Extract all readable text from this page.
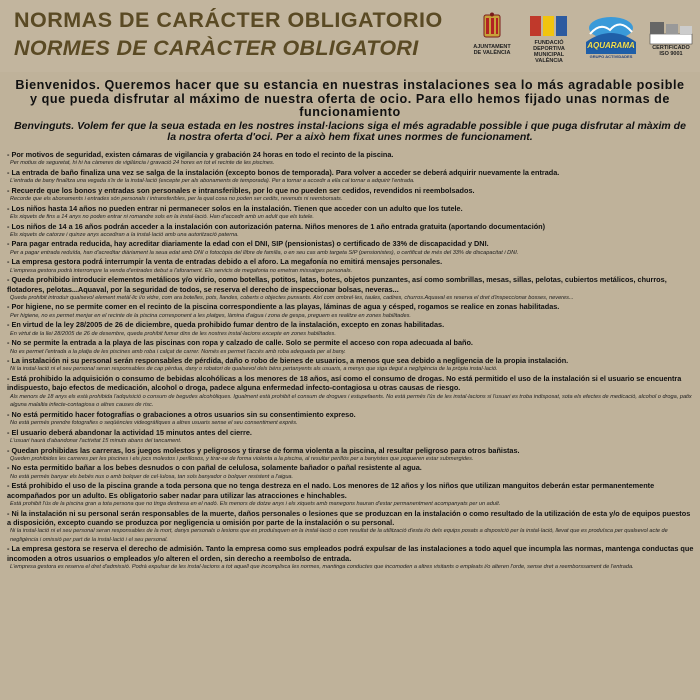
NORMAS DE CARÁCTER OBLIGATORIO
NORMES DE CARÀCTER OBLIGATORI	AJUNTAMENT
DE VALÈNCIA
FUNDACIÓ
DEPORTIVA
MUNICIPAL
VALÈNCIA
AQUARAMA
GRUPO ACTIVIDADES
CERTIFICADO
ISO 9001
Bienvenidos. Queremos hacer que su estancia en nuestras instalaciones sea lo más agradable posible y que pueda disfrutar al máximo de nuestra oferta de ocio. Para ello hemos fijado unas normas de funcionamiento
Benvinguts. Volem fer que la seua estada en les nostres instal·lacions siga el més agradable possible i que puga disfrutar al màxim de la nostra oferta d'oci. Per a això hem fixat unes normes de funcionament.
- Por motivos de seguridad, existen cámaras de vigilancia y grabación 24 horas en todo el recinto de la piscina.
Per motius de seguretat, hi hi ha càmeres de vigilància i gravació 24 hores en tot el recinte de les piscines.
- La entrada de baño finaliza una vez se salga de la instalación (excepto bonos de temporada). Para volver a acceder se deberá adquirir nuevamente la entrada.
L'entrada de bany finalitza una vegada s'ix de la instal·lació (excepte per als abonaments de temporada). Per a tornar a accedir a ella cal tornar a adquirir l'entrada.
- Recuerde que los bonos y entradas son personales e intransferibles, por lo que no pueden ser cedidos, revendidos ni reembolsados.
Recorde que els abonaments i entrades són personals i intransferibles, per la qual cosa no poden ser cedits, revenuts ni reemborsats.
- Los niños hasta 14 años no pueden entrar ni permanecer solos en la instalación. Tienen que acceder con un adulto que los tutele.
Els xiquets de fins a 14 anys no poden entrar ni romandre sols en la instal·lació. Han d'accedir amb un adult que els tutele.
- Los niños de 14 a 16 años podrán acceder a la instalación con autorización paterna. Niños menores de 1 año entrada gratuita (aportando documentación)
Els xiquets de catorze i quinze anys accediran a la instal·lació amb una autorització paterna.
- Para pagar entrada reducida, hay acreditar diariamente la edad con el DNI, SIP (pensionistas) o certificado de 33% de discapacidad y DNI.
Per a pagar entrada reduïda, han d'acreditar diàriament la seua edat amb DNI o fotocòpia del llibre de família, o en seu cas amb targeta SIP (pensionistes), o certificat de més del 33% de discapacitat i DNI.
- La empresa gestora podrá interrumpir la venta de entradas debido a el aforo. La megafonía no emitirá mensajes personales.
L'empresa gestora podrà interrompre la venda d'entrades debut a l'aforament. Els servicis de megafonia no emetran missatges personals.
- Queda prohibido introducir elementos metálicos y/o vidrio, como botellas, potitos, latas, botes, objetos punzantes, así como sombrillas, mesas, sillas, pelotas, cubiertos metálicos, churros, flotadores, pelotas...Aquaval, por la seguridad de todos, se reserva el derecho de inspeccionar bolsas, neveras...
Queda prohibit introduir qualsevol element metàl·lic i/o vidre, com ara botelles, pots, llandes, coberts o objectes punxants. Així com ombrel·les, taules, cadires, churros.Aquaval es reserva el dret d'inspeccionar bosses, neveres...
- Por higiene, no se permite comer en el recinto de la piscina correspondiente a las playas, láminas de agua y césped, rogamos se realice en zonas habilitadas.
Per higiene, no es permet menjar en el recinte de la piscina corresponent a les platges, làmina d'aigua i zona de gespa, preguem es realitze en zones habilitades.
- En virtud de la ley 28/2005 de 26 de diciembre, queda prohibido fumar dentro de la instalación, excepto en zonas habilitadas.
En virtut de la llei 28/2005 de 26 de desembre, queda prohibit fumar dins de les nostres instal·lacions excepte en zones habilitades.
- No se permite la entrada a la playa de las piscinas con ropa y calzado de calle. Solo se permite el acceso con ropa adecuada al baño.
No es permet l'entrada a la platja de les piscines amb roba i calçat de carrer. Només es permet l'accés amb roba adequada per al bany.
- La instalación ni su personal serán responsables de pérdida, daño o robo de bienes de usuarios, a menos que sea debido a negligencia de la propia instalación.
Ni la instal·lació ni el seu personal seran responsables de cap pèrdua, dany o robatori de qualsevol dels béns pertanyents als usuaris, a menys que siga degut a negligència de la pròpia instal·lació.
- Está prohibido la adquisición o consumo de bebidas alcohólicas a los menores de 18 años, así como el consumo de drogas. No está permitido el uso de la instalación si el usuario se encuentra indispuesto, bajo efectos de medicación, alcohol o droga, padece alguna enfermedad infecto-contagiosa u otras causas de riesgo.
Als menors de 18 anys els està prohibida l'adquisició o consum de begudes alcohòliques. Igualment està prohibit el consum de drogues i estupefaents. No està permés l'ús de les instal·lacions si l'usuari es troba indisposat, sota els efectes de medicació, alcohol o droga, patix alguna malaltia infecte-contagiosa o altres causes de risc.
- No está permitido hacer fotografías o grabaciones a otros usuarios sin su consentimiento expreso.
No està permés prendre fotografies o seqüències videogràfiques a altres usuaris sense el seu consentiment exprés.
- El usuario deberá abandonar la actividad 15 minutos antes del cierre.
L'usuari haurà d'abandonar l'activitat 15 minuts abans del tancament.
- Quedan prohibidas las carreras, los juegos molestos y peligrosos y tirarse de forma violenta a la piscina, al resultar peligroso para otros bañistas.
Queden prohibides les carreres per les piscines i els jocs molestos i perillosos, y tirar-se de forma violenta a la piscina, al resultar perillós per a banyistes que pogueren estar submergides.
- No esta permitido bañar a los bebes desnudos o con pañal de celulosa, solamente bañador o pañal resistente al agua.
No està permés banyar els bebés nus o amb bolquer de cel·lulosa, tan sols banyador o bolquer resistent a l'aigua.
- Está prohibido el uso de la piscina grande a toda persona que no tenga destreza en el nado. Los menores de 12 años y los niños que utilizan manguitos deberán estar permanentemente acompañados por un adulto. Es obligatorio saber nadar para utilizar las atracciones e hinchables.
Està prohibit l'ús de la piscina gran a tota persona que no tinga destresa en el nadó. Els menors de dotze anys i els xiquets amb manegons hauran d'estar permanentment acompanyats per un adult.
- Ni la instalación ni su personal serán responsables de la muerte, daños personales o lesiones que se produzcan en la instalación o como resultado de la utilización de esta y/o de equipos puestos a disposición, excepto cuando se produzca por negligencia u omisión por parte de la instalación o su personal.
Ni la instal·lació ni el seu personal seran responsables de la mort, danys personals o lesions que es produïsquen en la instal·lació o com resultat de la utilització d'esta i/o dels equips posats a disposició per la instal·lació, llevat que es produïsca per qualsevol acte de negligència i omissió per part de la instal·lació i el seu personal.
- La empresa gestora se reserva el derecho de admisión. Tanto la empresa como sus empleados podrá expulsar de las instalaciones a todo aquel que incumpla las normas, mantenga conductas que incomoden a otros usuarios o empleados y/o alteren el orden, sin derecho a reembolso de entrada.
L'empresa gestora es reserva el dret d'admissió. Podrà expulsar de les instal·lacions a tot aquell que incomplixca les normes, mantinga conductes que incomoden a altres visitants o empleats i/o alteren l'orde, sense dret a reemborssament de l'entrada.
